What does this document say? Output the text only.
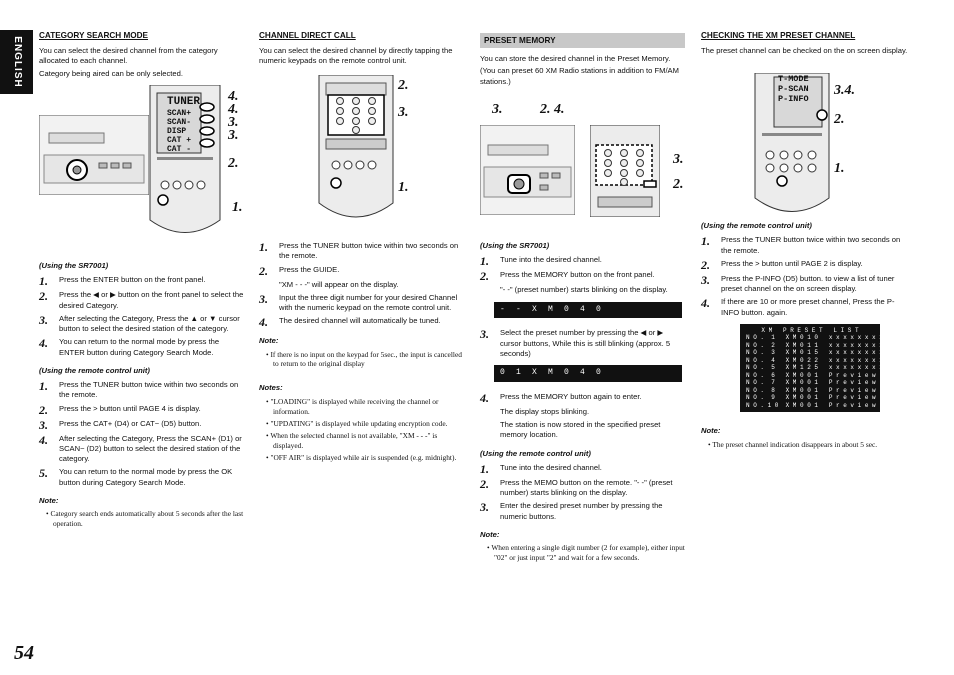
ENGLISH
54
CATEGORY SEARCH MODE
You can select the desired channel from the category allocated to each channel.
Category being aired can be only selected.
TUNER
SCAN+
SCAN-
DISP
CAT +
CAT -
4.
4.
3.
3.
2.
1.
(Using the SR7001)
1.	Press the ENTER button on the front panel.
2.	Press the ◀ or ▶ button on the front panel to select the desired Category.
3.	After selecting the Category, Press the ▲ or ▼ cursor button to select the desired station of the category.
4.	You can return to the normal mode by press the ENTER button during Category Search Mode.
(Using the remote control unit)
1.	Press the TUNER button twice within two seconds on the remote.
2.	Press the > button until PAGE 4 is display.
3.	Press the CAT+ (D4) or CAT− (D5) button.
4.	After selecting the Category, Press the SCAN+ (D1) or SCAN− (D2) button to select the desired station of the category.
5.	You can return to the normal mode by press the OK button during Category Search Mode.
Note:
• Category search ends automatically about 5 seconds after the last operation.
CHANNEL DIRECT CALL
You can select the desired channel by directly tapping the numeric keypads on the remote control unit.
2.
3.
1.
1.	Press the TUNER button twice within two seconds on the remote.
2.	Press the GUIDE.
"XM - - -" will appear on the display.
3.	Input the three digit number for your desired Channel with the numeric keypad on the remote control unit.
4.	The desired channel will automatically be tuned.
Note:
• If there is no input on the keypad for 5sec., the input is cancelled to return to the original display
Notes:
• "LOADING" is displayed while receiving the channel or information.
• "UPDATING" is displayed while updating encryption code.
• When the selected channel is not available, "XM - - -" is displayed.
• "OFF AIR" is displayed while air is suspended (e.g. midnight).
PRESET MEMORY
You can store the desired channel in the Preset Memory.
(You can preset 60 XM Radio stations in addition to FM/AM stations.)
3.	2. 4.
3.
2.
(Using the SR7001)
1.	Tune into the desired channel.
2.	Press the MEMORY button on the front panel.
"- -" (preset number) starts blinking on the display.
- - X M 0 4 0
3.	Select the preset number by pressing the ◀ or ▶ cursor buttons, While this is still blinking (approx. 5 seconds)
0 1 X M 0 4 0
4.	Press the MEMORY button again to enter.
The display stops blinking.
The station is now stored in the specified preset memory location.
(Using the remote control unit)
1.	Tune into the desired channel.
2.	Press the MEMO button on the remote. "- -" (preset number) starts blinking on the display.
3.	Enter the desired preset number by pressing the numeric buttons.
Note:
• When entering a single digit number (2 for example), either input "02" or just input "2" and wait for a few seconds.
CHECKING THE XM PRESET CHANNEL
The preset channel can be checked on the on screen display.
T-MODE
P-SCAN
P-INFO
3.4.
2.
1.
(Using the remote control unit)
1.	Press the TUNER button twice within two seconds on the remote.
2.	Press the > button until PAGE 2 is display.
3.	Press the P-INFO (D5) button. to view a list of tuner preset channel on the on screen display.
4.	If there are 10 or more preset channel, Press the P-INFO button. again.
X M   P R E S E T   L I S T
N O .  1   X M 0 1 0   x x x x x x x x x x
N O .  2   X M 0 1 1   x x x x x x x x x x
N O .  3   X M 0 1 5   x x x x x x x x x x
N O .  4   X M 0 2 2   x x x x x x x x x x
N O .  5   X M 1 2 5   x x x x x x x x x x
N O .  6   X M 0 0 1   P r e v i e w
N O .  7   X M 0 0 1   P r e v i e w
N O .  8   X M 0 0 1   P r e v i e w
N O .  9   X M 0 0 1   P r e v i e w
N O . 1 0  X M 0 0 1   P r e v i e w
Note:
• The preset channel indication disappears in about 5 sec.
